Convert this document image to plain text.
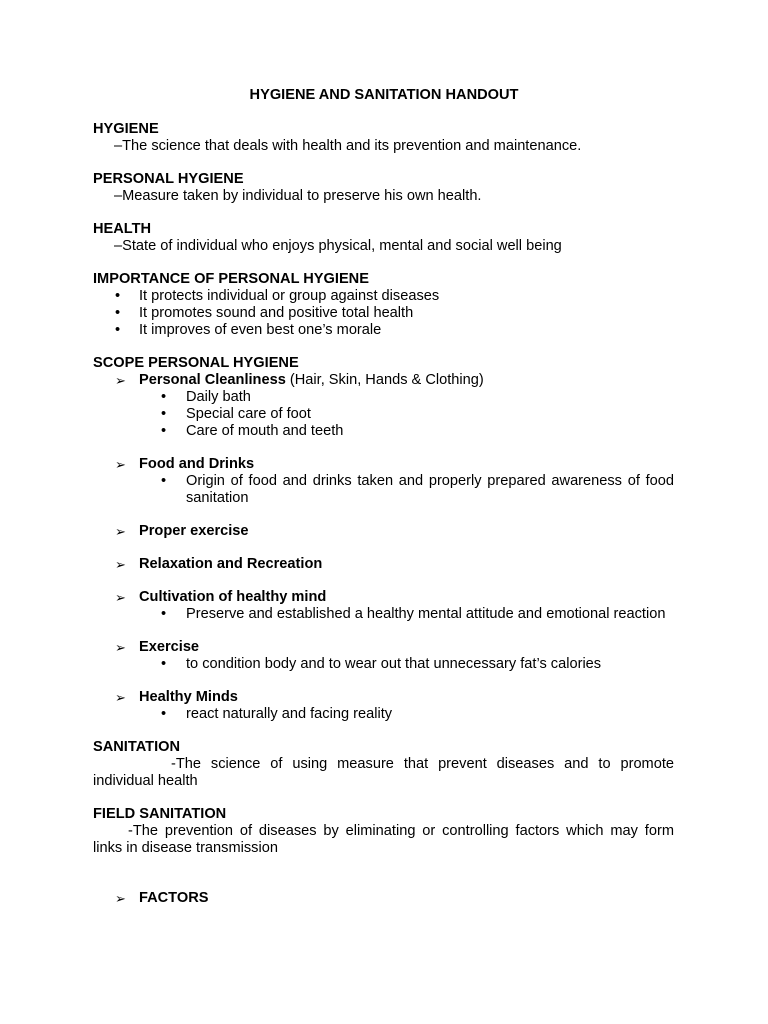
HYGIENE AND SANITATION HANDOUT
HYGIENE
–The science that deals with health and its prevention and maintenance.
PERSONAL HYGIENE
–Measure taken by individual to preserve his own health.
HEALTH
–State of individual who enjoys physical, mental and social well being
IMPORTANCE OF PERSONAL HYGIENE
• It protects individual or group against diseases
• It promotes sound and positive total health
• It improves of even best one’s morale
SCOPE PERSONAL HYGIENE
➢ Personal Cleanliness (Hair, Skin, Hands & Clothing)
• Daily bath
• Special care of foot
• Care of mouth and teeth
➢ Food and Drinks
• Origin of food and drinks taken and properly prepared awareness of food sanitation
➢ Proper exercise
➢ Relaxation and Recreation
➢ Cultivation of healthy mind
• Preserve and established a healthy mental attitude and emotional reaction
➢ Exercise
• to condition body and to wear out that unnecessary fat’s calories
➢ Healthy Minds
• react naturally and facing reality
SANITATION
-The science of using measure that prevent diseases and to promote individual health
FIELD SANITATION
-The prevention of diseases by eliminating or controlling factors which may form links in disease transmission
➢ FACTORS
